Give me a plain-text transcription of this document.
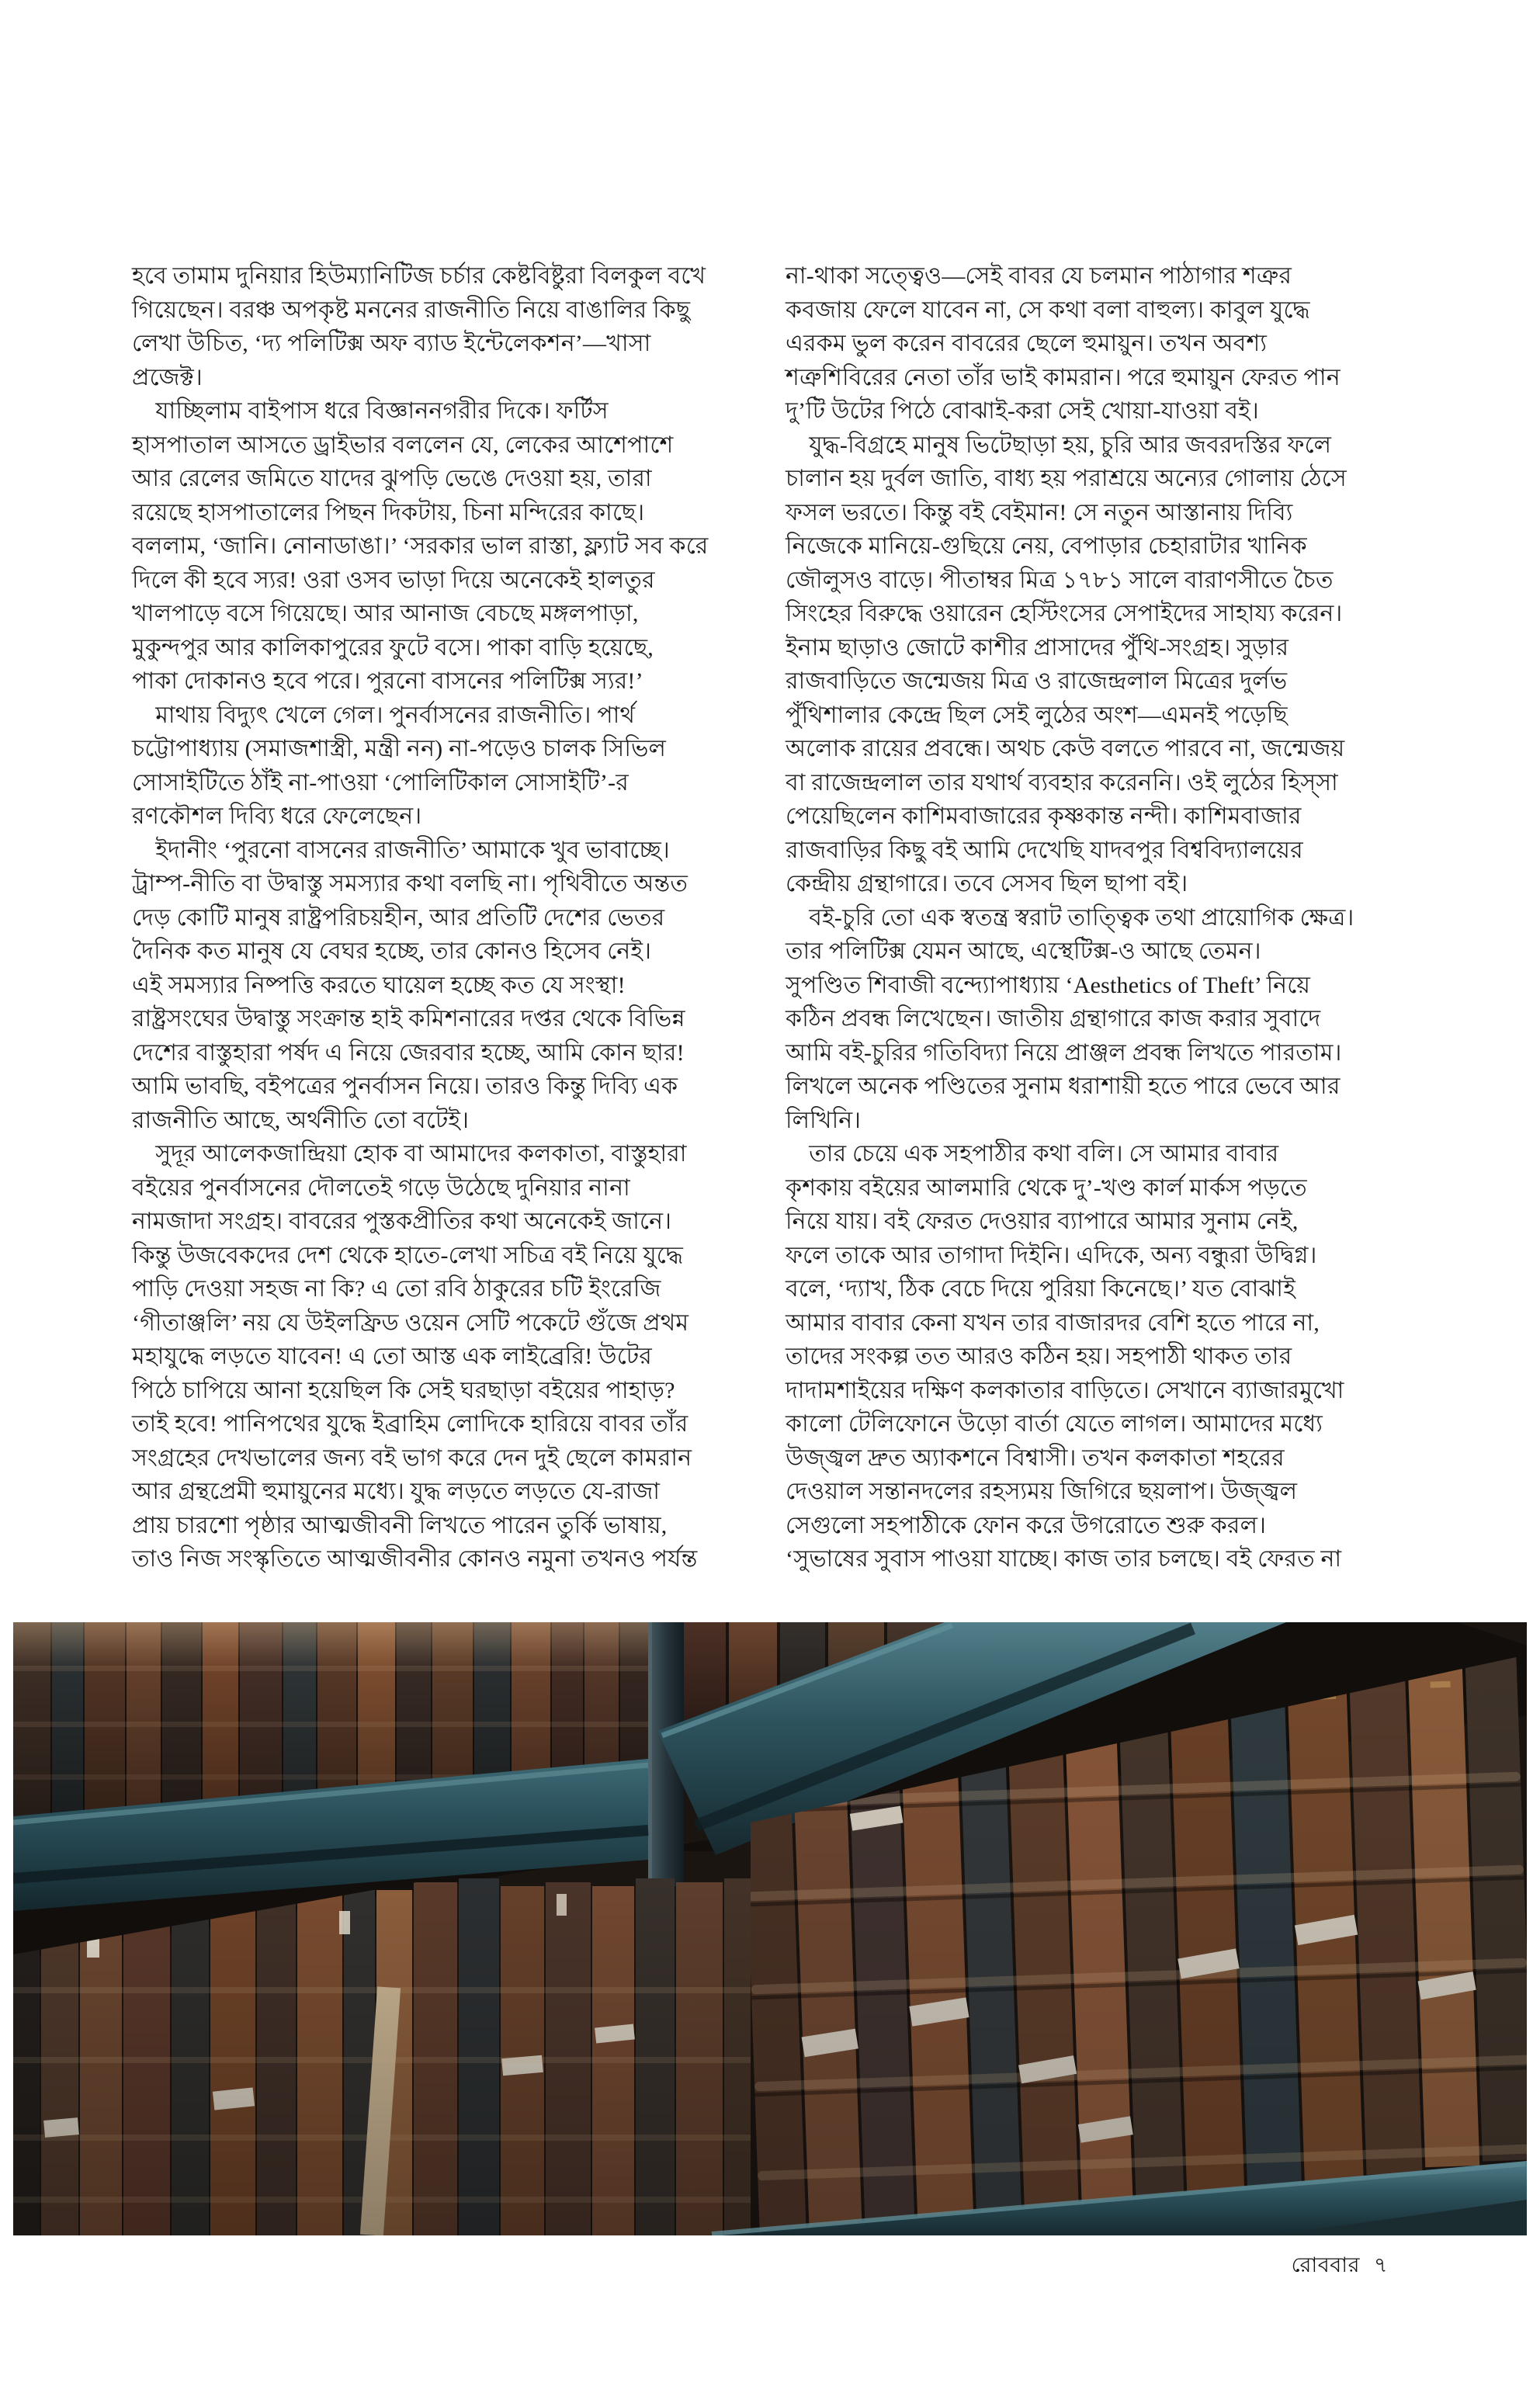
হবে তামাম দুনিয়ার হিউম্যানিটিজ চর্চার কেষ্টবিষ্টুরা বিলকুল বখে
গিয়েছেন। বরঞ্চ অপকৃষ্ট মননের রাজনীতি নিয়ে বাঙালির কিছু
লেখা উচিত, ‘দ্য পলিটিক্স অফ ব্যাড ইন্টেলেকশন’—খাসা
প্রজেক্ট।
 যাচ্ছিলাম বাইপাস ধরে বিজ্ঞাননগরীর দিকে। ফর্টিস
হাসপাতাল আসতে ড্রাইভার বললেন যে, লেকের আশেপাশে
আর রেলের জমিতে যাদের ঝুপড়ি ভেঙে দেওয়া হয়, তারা
রয়েছে হাসপাতালের পিছন দিকটায়, চিনা মন্দিরের কাছে।
বললাম, ‘জানি। নোনাডাঙা।’ ‘সরকার ভাল রাস্তা, ফ্ল্যাট সব করে
দিলে কী হবে স্যর! ওরা ওসব ভাড়া দিয়ে অনেকেই হালতুর
খালপাড়ে বসে গিয়েছে। আর আনাজ বেচছে মঙ্গলপাড়া,
মুকুন্দপুর আর কালিকাপুরের ফুটে বসে। পাকা বাড়ি হয়েছে,
পাকা দোকানও হবে পরে। পুরনো বাসনের পলিটিক্স স্যর!’
 মাথায় বিদ্যুৎ খেলে গেল। পুনর্বাসনের রাজনীতি। পার্থ
চট্টোপাধ্যায় (সমাজশাস্ত্রী, মন্ত্রী নন) না-পড়েও চালক সিভিল
সোসাইটিতে ঠাঁই না-পাওয়া ‘পোলিটিকাল সোসাইটি’-র
রণকৌশল দিব্যি ধরে ফেলেছেন।
 ইদানীং ‘পুরনো বাসনের রাজনীতি’ আমাকে খুব ভাবাচ্ছে।
ট্রাম্প-নীতি বা উদ্বাস্তু সমস্যার কথা বলছি না। পৃথিবীতে অন্তত
দেড় কোটি মানুষ রাষ্ট্রপরিচয়হীন, আর প্রতিটি দেশের ভেতর
দৈনিক কত মানুষ যে বেঘর হচ্ছে, তার কোনও হিসেব নেই।
এই সমস্যার নিষ্পত্তি করতে ঘায়েল হচ্ছে কত যে সংস্থা!
রাষ্ট্রসংঘের উদ্বাস্তু সংক্রান্ত হাই কমিশনারের দপ্তর থেকে বিভিন্ন
দেশের বাস্তুহারা পর্ষদ এ নিয়ে জেরবার হচ্ছে, আমি কোন ছার!
আমি ভাবছি, বইপত্রের পুনর্বাসন নিয়ে। তারও কিন্তু দিব্যি এক
রাজনীতি আছে, অর্থনীতি তো বটেই।
 সুদূর আলেকজান্দ্রিয়া হোক বা আমাদের কলকাতা, বাস্তুহারা
বইয়ের পুনর্বাসনের দৌলতেই গড়ে উঠেছে দুনিয়ার নানা
নামজাদা সংগ্রহ। বাবরের পুস্তকপ্রীতির কথা অনেকেই জানে।
কিন্তু উজবেকদের দেশ থেকে হাতে-লেখা সচিত্র বই নিয়ে যুদ্ধে
পাড়ি দেওয়া সহজ না কি? এ তো রবি ঠাকুরের চটি ইংরেজি
‘গীতাঞ্জলি’ নয় যে উইলফ্রিড ওয়েন সেটি পকেটে গুঁজে প্রথম
মহাযুদ্ধে লড়তে যাবেন! এ তো আস্ত এক লাইব্রেরি! উটের
পিঠে চাপিয়ে আনা হয়েছিল কি সেই ঘরছাড়া বইয়ের পাহাড়?
তাই হবে! পানিপথের যুদ্ধে ইব্রাহিম লোদিকে হারিয়ে বাবর তাঁর
সংগ্রহের দেখভালের জন্য বই ভাগ করে দেন দুই ছেলে কামরান
আর গ্রন্থপ্রেমী হুমায়ুনের মধ্যে। যুদ্ধ লড়তে লড়তে যে-রাজা
প্রায় চারশো পৃষ্ঠার আত্মজীবনী লিখতে পারেন তুর্কি ভাষায়,
তাও নিজ সংস্কৃতিতে আত্মজীবনীর কোনও নমুনা তখনও পর্যন্ত
না-থাকা সত্ত্বেও—সেই বাবর যে চলমান পাঠাগার শত্রুর
কবজায় ফেলে যাবেন না, সে কথা বলা বাহুল্য। কাবুল যুদ্ধে
এরকম ভুল করেন বাবরের ছেলে হুমায়ুন। তখন অবশ্য
শত্রুশিবিরের নেতা তাঁর ভাই কামরান। পরে হুমায়ুন ফেরত পান
দু’টি উটের পিঠে বোঝাই-করা সেই খোয়া-যাওয়া বই।
 যুদ্ধ-বিগ্রহে মানুষ ভিটেছাড়া হয়, চুরি আর জবরদস্তির ফলে
চালান হয় দুর্বল জাতি, বাধ্য হয় পরাশ্রয়ে অন্যের গোলায় ঠেসে
ফসল ভরতে। কিন্তু বই বেইমান! সে নতুন আস্তানায় দিব্যি
নিজেকে মানিয়ে-গুছিয়ে নেয়, বেপাড়ার চেহারাটার খানিক
জৌলুসও বাড়ে। পীতাম্বর মিত্র ১৭৮১ সালে বারাণসীতে চৈত
সিংহের বিরুদ্ধে ওয়ারেন হেস্টিংসের সেপাইদের সাহায্য করেন।
ইনাম ছাড়াও জোটে কাশীর প্রাসাদের পুঁথি-সংগ্রহ। সুড়ার
রাজবাড়িতে জন্মেজয় মিত্র ও রাজেন্দ্রলাল মিত্রের দুর্লভ
পুঁথিশালার কেন্দ্রে ছিল সেই লুঠের অংশ—এমনই পড়েছি
অলোক রায়ের প্রবন্ধে। অথচ কেউ বলতে পারবে না, জন্মেজয়
বা রাজেন্দ্রলাল তার যথার্থ ব্যবহার করেননি। ওই লুঠের হিস্সা
পেয়েছিলেন কাশিমবাজারের কৃষ্ণকান্ত নন্দী। কাশিমবাজার
রাজবাড়ির কিছু বই আমি দেখেছি যাদবপুর বিশ্ববিদ্যালয়ের
কেন্দ্রীয় গ্রন্থাগারে। তবে সেসব ছিল ছাপা বই।
 বই-চুরি তো এক স্বতন্ত্র স্বরাট তাত্ত্বিক তথা প্রায়োগিক ক্ষেত্র।
তার পলিটিক্স যেমন আছে, এস্থেটিক্স-ও আছে তেমন।
সুপণ্ডিত শিবাজী বন্দ্যোপাধ্যায় ‘Aesthetics of Theft’ নিয়ে
কঠিন প্রবন্ধ লিখেছেন। জাতীয় গ্রন্থাগারে কাজ করার সুবাদে
আমি বই-চুরির গতিবিদ্যা নিয়ে প্রাঞ্জল প্রবন্ধ লিখতে পারতাম।
লিখলে অনেক পণ্ডিতের সুনাম ধরাশায়ী হতে পারে ভেবে আর
লিখিনি।
 তার চেয়ে এক সহপাঠীর কথা বলি। সে আমার বাবার
কৃশকায় বইয়ের আলমারি থেকে দু’-খণ্ড কার্ল মার্কস পড়তে
নিয়ে যায়। বই ফেরত দেওয়ার ব্যাপারে আমার সুনাম নেই,
ফলে তাকে আর তাগাদা দিইনি। এদিকে, অন্য বন্ধুরা উদ্বিগ্ন।
বলে, ‘দ্যাখ, ঠিক বেচে দিয়ে পুরিয়া কিনেছে।’ যত বোঝাই
আমার বাবার কেনা যখন তার বাজারদর বেশি হতে পারে না,
তাদের সংকল্প তত আরও কঠিন হয়। সহপাঠী থাকত তার
দাদামশাইয়ের দক্ষিণ কলকাতার বাড়িতে। সেখানে ব্যাজারমুখো
কালো টেলিফোনে উড়ো বার্তা যেতে লাগল। আমাদের মধ্যে
উজ্জ্বল দ্রুত অ্যাকশনে বিশ্বাসী। তখন কলকাতা শহরের
দেওয়াল সন্তানদলের রহস্যময় জিগিরে ছয়লাপ। উজ্জ্বল
সেগুলো সহপাঠীকে ফোন করে উগরোতে শুরু করল।
‘সুভাষের সুবাস পাওয়া যাচ্ছে। কাজ তার চলছে। বই ফেরত না
রোববার ৭
